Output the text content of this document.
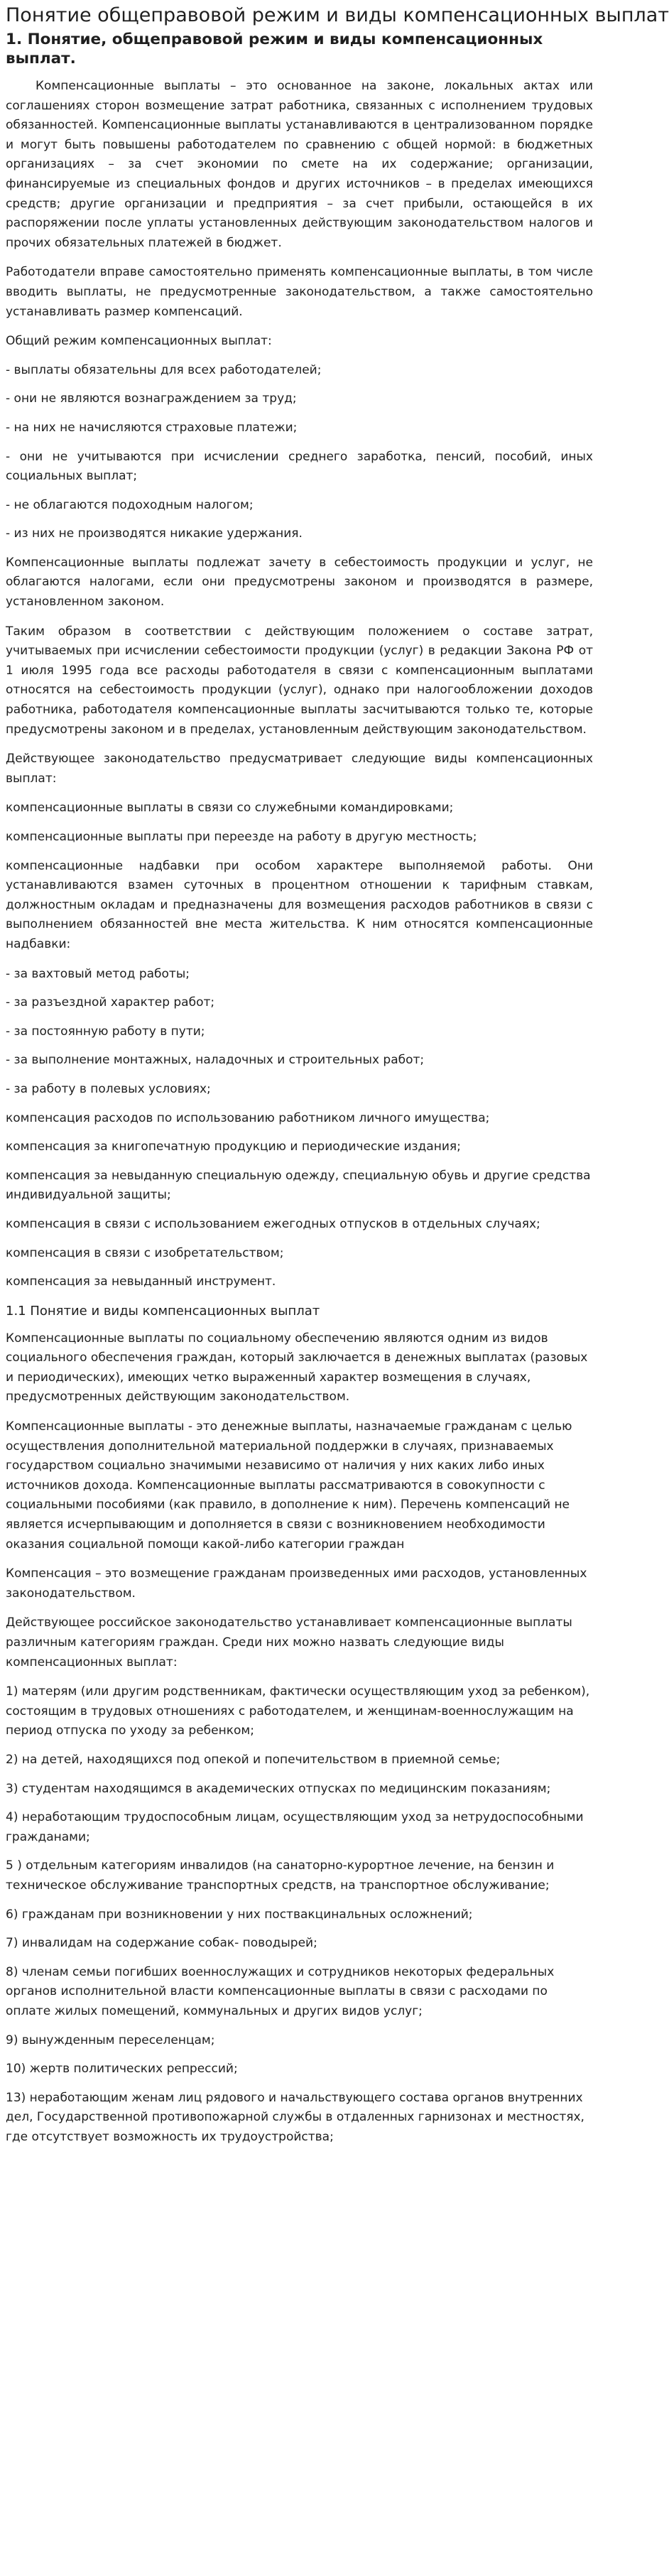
Понятие общеправовой режим и виды компенсационных выплат
1. Понятие, общеправовой режим и виды компенсационных выплат.

Компенсационные выплаты – это основанное на законе, локальных актах или соглашениях сторон возмещение затрат работника, связанных с исполнением трудовых обязанностей. Компенсационные выплаты устанавливаются в централизованном порядке и могут быть повышены работодателем по сравнению с общей нормой: в бюджетных организациях – за счет экономии по смете на их содержание; организации, финансируемые из специальных фондов и других источников – в пределах имеющихся средств; другие организации и предприятия – за счет прибыли, остающейся в их распоряжении после уплаты установленных действующим законодательством налогов и прочих обязательных платежей в бюджет.

Работодатели вправе самостоятельно применять компенсационные выплаты, в том числе вводить выплаты, не предусмотренные законодательством, а также самостоятельно устанавливать размер компенсаций.

Общий режим компенсационных выплат:

- выплаты обязательны для всех работодателей;

- они не являются вознаграждением за труд;

- на них не начисляются страховые платежи;

- они не учитываются при исчислении среднего заработка, пенсий, пособий, иных социальных выплат;

- не облагаются подоходным налогом;

- из них не производятся никакие удержания.

Компенсационные выплаты подлежат зачету в себестоимость продукции и услуг, не облагаются налогами, если они предусмотрены законом и производятся в размере, установленном законом.

Таким образом в соответствии с действующим положением о составе затрат, учитываемых при исчислении себестоимости продукции (услуг) в редакции Закона РФ от 1 июля 1995 года все расходы работодателя в связи с компенсационным выплатами относятся на себестоимость продукции (услуг), однако при налогообложении доходов работника, работодателя компенсационные выплаты засчитываются только те, которые предусмотрены законом и в пределах, установленным действующим законодательством.

Действующее законодательство предусматривает следующие виды компенсационных выплат:

компенсационные выплаты в связи со служебными командировками;

компенсационные выплаты при переезде на работу в другую местность;

компенсационные надбавки при особом характере выполняемой работы. Они устанавливаются взамен суточных в процентном отношении к тарифным ставкам, должностным окладам и предназначены для возмещения расходов работников в связи с выполнением обязанностей вне места жительства. К ним относятся компенсационные надбавки:

- за вахтовый метод работы;

- за разъездной характер работ;

- за постоянную работу в пути;

- за выполнение монтажных, наладочных и строительных работ;

- за работу в полевых условиях;

компенсация расходов по использованию работником личного имущества;

компенсация за книгопечатную продукцию и периодические издания;

компенсация за невыданную специальную одежду, специальную обувь и другие средства индивидуальной защиты;

компенсация в связи с использованием ежегодных отпусков в отдельных случаях;

компенсация в связи с изобретательством;

компенсация за невыданный инструмент.

1.1 Понятие и виды компенсационных выплат

Компенсационные выплаты по социальному обеспечению являются одним из видов социального обеспечения граждан, который заключается в денежных выплатах (разовых и периодических), имеющих четко выраженный характер возмещения в случаях, предусмотренных действующим законодательством.

Компенсационные выплаты - это денежные выплаты, назначаемые гражданам с целью осуществления дополнительной материальной поддержки в случаях, признаваемых государством социально значимыми независимо от наличия у них каких либо иных источников дохода. Компенсационные выплаты рассматриваются в совокупности с социальными пособиями (как правило, в дополнение к ним). Перечень компенсаций не является исчерпывающим и дополняется в связи с возникновением необходимости оказания социальной помощи какой-либо категории граждан

Компенсация – это возмещение гражданам произведенных ими расходов, установленных законодательством.

Действующее российское законодательство устанавливает компенсационные выплаты различным категориям граждан. Среди них можно назвать следующие виды компенсационных выплат:

1) матерям (или другим родственникам, фактически осуществляющим уход за ребенком), состоящим в трудовых отношениях с работодателем, и женщинам-военнослужащим на период отпуска по уходу за ребенком;

2) на детей, находящихся под опекой и попечительством в приемной семье;

3) студентам находящимся в академических отпусках по медицинским показаниям;

4) неработающим трудоспособным лицам, осуществляющим уход за нетрудоспособными гражданами;

5 ) отдельным категориям инвалидов (на санаторно-курортное лечение, на бензин и техническое обслуживание транспортных средств, на транспортное обслуживание;

6) гражданам при возникновении у них поствакцинальных осложнений;

7) инвалидам на содержание собак- поводырей;

8) членам семьи погибших военнослужащих и сотрудников некоторых федеральных органов исполнительной власти компенсационные выплаты в связи с расходами по оплате жилых помещений, коммунальных и других видов услуг;

9) вынужденным переселенцам;

10) жертв политических репрессий;

13) неработающим женам лиц рядового и начальствующего состава органов внутренних дел, Государственной противопожарной службы в отдаленных гарнизонах и местностях, где отсутствует возможность их трудоустройства;
